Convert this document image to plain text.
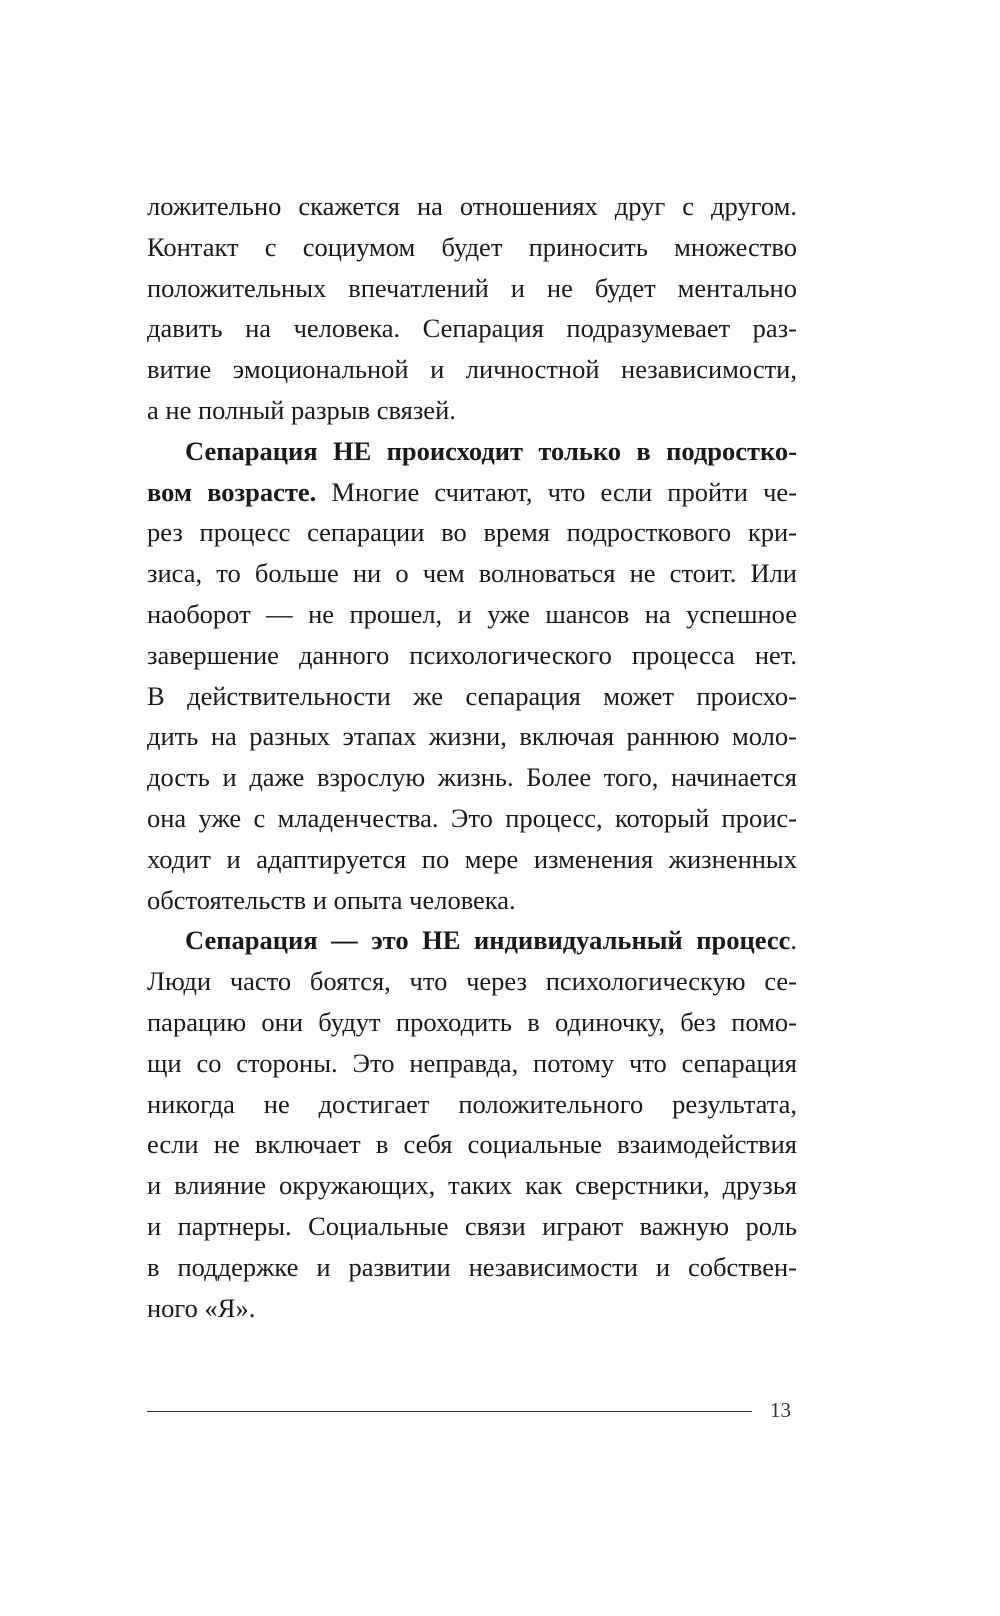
ложительно скажется на отношениях друг с другом.
Контакт с социумом будет приносить множество
положительных впечатлений и не будет ментально
давить на человека. Сепарация подразумевает раз-
витие эмоциональной и личностной независимости,
а не полный разрыв связей.
Сепарация НЕ происходит только в подростко-
вом возрасте. Многие считают, что если пройти че-
рез процесс сепарации во время подросткового кри-
зиса, то больше ни о чем волноваться не стоит. Или
наоборот — не прошел, и уже шансов на успешное
завершение данного психологического процесса нет.
В действительности же сепарация может происхо-
дить на разных этапах жизни, включая раннюю моло-
дость и даже взрослую жизнь. Более того, начинается
она уже с младенчества. Это процесс, который проис-
ходит и адаптируется по мере изменения жизненных
обстоятельств и опыта человека.
Сепарация — это НЕ индивидуальный процесс.
Люди часто боятся, что через психологическую се-
парацию они будут проходить в одиночку, без помо-
щи со стороны. Это неправда, потому что сепарация
никогда не достигает положительного результата,
если не включает в себя социальные взаимодействия
и влияние окружающих, таких как сверстники, друзья
и партнеры. Социальные связи играют важную роль
в поддержке и развитии независимости и собствен-
ного «Я».
13
